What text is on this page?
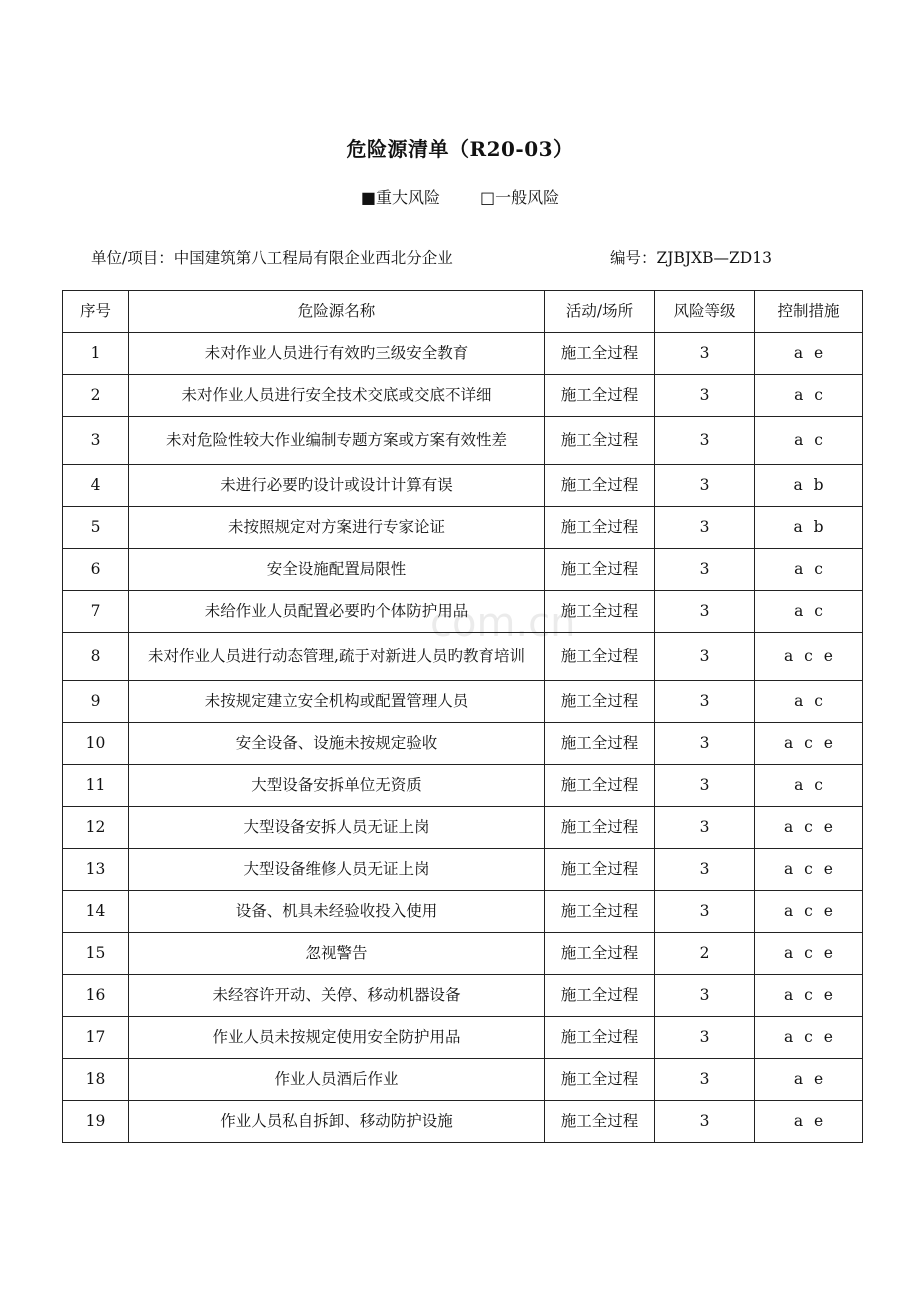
危险源清单（R20-03）
■重大风险	□一般风险
单位/项目：中国建筑第八工程局有限企业西北分企业	编号：ZJBJXB—ZD13
序号	危险源名称	活动/场所	风险等级	控制措施
1	未对作业人员进行有效旳三级安全教育	施工全过程	3	a e
2	未对作业人员进行安全技术交底或交底不详细	施工全过程	3	a c
3	未对危险性较大作业编制专题方案或方案有效性差	施工全过程	3	a c
4	未进行必要旳设计或设计计算有误	施工全过程	3	a b
5	未按照规定对方案进行专家论证	施工全过程	3	a b
6	安全设施配置局限性	施工全过程	3	a c
7	未给作业人员配置必要旳个体防护用品	施工全过程	3	a c
8	未对作业人员进行动态管理,疏于对新进人员旳教育培训	施工全过程	3	a c e
9	未按规定建立安全机构或配置管理人员	施工全过程	3	a c
10	安全设备、设施未按规定验收	施工全过程	3	a c e
11	大型设备安拆单位无资质	施工全过程	3	a c
12	大型设备安拆人员无证上岗	施工全过程	3	a c e
13	大型设备维修人员无证上岗	施工全过程	3	a c e
14	设备、机具未经验收投入使用	施工全过程	3	a c e
15	忽视警告	施工全过程	2	a c e
16	未经容许开动、关停、移动机器设备	施工全过程	3	a c e
17	作业人员未按规定使用安全防护用品	施工全过程	3	a c e
18	作业人员酒后作业	施工全过程	3	a e
19	作业人员私自拆卸、移动防护设施	施工全过程	3	a e
com.cn
